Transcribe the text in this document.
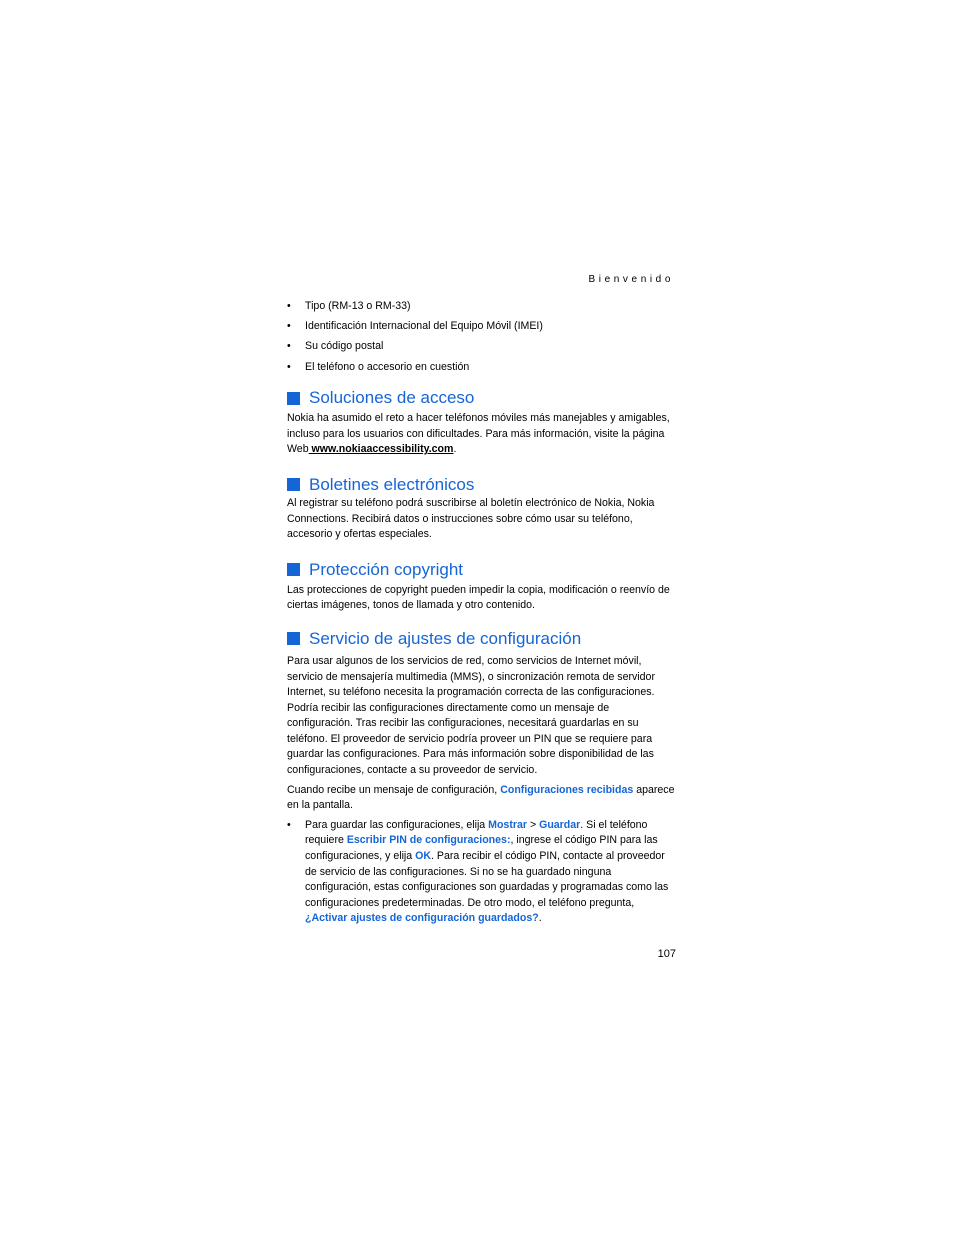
Bienvenido
• Tipo (RM-13 o RM-33)
• Identificación Internacional del Equipo Móvil (IMEI)
• Su código postal
• El teléfono o accesorio en cuestión
Soluciones de acceso

Nokia ha asumido el reto a hacer teléfonos móviles más manejables y amigables, incluso para los usuarios con dificultades. Para más información, visite la página Web www.nokiaaccessibility.com.

Boletines electrónicos

Al registrar su teléfono podrá suscribirse al boletín electrónico de Nokia, Nokia Connections. Recibirá datos o instrucciones sobre cómo usar su teléfono, accesorio y ofertas especiales.

Protección copyright

Las protecciones de copyright pueden impedir la copia, modificación o reenvío de ciertas imágenes, tonos de llamada y otro contenido.

Servicio de ajustes de configuración

Para usar algunos de los servicios de red, como servicios de Internet móvil, servicio de mensajería multimedia (MMS), o sincronización remota de servidor Internet, su teléfono necesita la programación correcta de las configuraciones. Podría recibir las configuraciones directamente como un mensaje de configuración. Tras recibir las configuraciones, necesitará guardarlas en su teléfono. El proveedor de servicio podría proveer un PIN que se requiere para guardar las configuraciones. Para más información sobre disponibilidad de las configuraciones, contacte a su proveedor de servicio.

Cuando recibe un mensaje de configuración, Configuraciones recibidas aparece en la pantalla.

• Para guardar las configuraciones, elija Mostrar > Guardar. Si el teléfono requiere Escribir PIN de configuraciones:, ingrese el código PIN para las configuraciones, y elija OK. Para recibir el código PIN, contacte al proveedor de servicio de las configuraciones. Si no se ha guardado ninguna configuración, estas configuraciones son guardadas y programadas como las configuraciones predeterminadas. De otro modo, el teléfono pregunta, ¿Activar ajustes de configuración guardados?.
107
